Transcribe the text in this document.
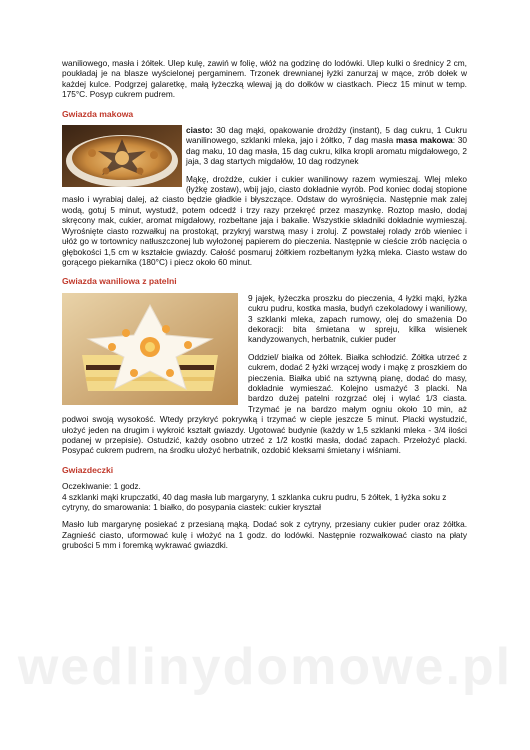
waniliowego, masła i żółtek. Ulep kulę, zawiń w folię, włóż na godzinę do lodówki. Ulep kulki o średnicy 2 cm, poukładaj je na blasze wyścielonej pergaminem. Trzonek drewnianej łyżki zanurzaj w mące, zrób dołek w każdej kulce. Podgrzej galaretkę, małą łyżeczką wlewaj ją do dołków w ciastkach. Piecz 15 minut w temp. 175°C. Posyp cukrem pudrem.

Gwiazda makowa

ciasto: 30 dag mąki, opakowanie drożdży (instant), 5 dag cukru, 1 Cukru wanilinowego, szklanki mleka, jajo i żółtko, 7 dag masła masa makowa: 30 dag maku, 10 dag masła, 15 dag cukru, kilka kropli aromatu migdałowego, 2 jaja, 3 dag startych migdałów, 10 dag rodzynek

Mąkę, drożdże, cukier i cukier wanilinowy razem wymieszaj. Wlej mleko (łyżkę zostaw), wbij jajo, ciasto dokładnie wyrób. Pod koniec dodaj stopione masło i wyrabiaj dalej, aż ciasto będzie gładkie i błyszczące. Odstaw do wyrośnięcia. Następnie mak zalej wodą, gotuj 5 minut, wystudź, potem odcedź i trzy razy przekręć przez maszynkę. Roztop masło, dodaj skręcony mak, cukier, aromat migdałowy, rozbełtane jaja i bakalie. Wszystkie składniki dokładnie wymieszaj. Wyrośnięte ciasto rozwałkuj na prostokąt, przykryj warstwą masy i zroluj. Z powstałej rolady zrób wieniec i ułóż go w tortownicy natłuszczonej lub wyłożonej papierem do pieczenia. Następnie w cieście zrób nacięcia o głębokości 1,5 cm w kształcie gwiazdy. Całość posmaruj żółtkiem rozbełtanym łyżką mleka. Ciasto wstaw do gorącego piekarnika (180°C) i piecz około 60 minut.

Gwiazda waniliowa z patelni

9 jajek, łyżeczka proszku do pieczenia, 4 łyżki mąki, łyżka cukru pudru, kostka masła, budyń czekoladowy i waniliowy, 3 szklanki mleka, zapach rumowy, olej do smażenia Do dekoracji: bita śmietana w spreju, kilka wisienek kandyzowanych, herbatnik, cukier puder

Oddziel/ białka od żółtek. Białka schłodzić. Żółtka utrzeć z cukrem, dodać 2 łyżki wrzącej wody i mąkę z proszkiem do pieczenia. Białka ubić na sztywną pianę, dodać do masy, dokładnie wymieszać. Kolejno usmażyć 3 placki. Na bardzo dużej patelni rozgrzać olej i wylać 1/3 ciasta. Trzymać je na bardzo małym ogniu około 10 min, aż podwoi swoją wysokość. Wtedy przykryć pokrywką i trzymać w cieple jeszcze 5 minut. Placki wystudzić, ułożyć jeden na drugim i wykroić kształt gwiazdy. Ugotować budynie (każdy w 1,5 szklanki mleka - 3/4 ilości podanej w przepisie). Ostudzić, każdy osobno utrzeć z 1/2 kostki masła, dodać zapach. Przełożyć placki. Posypać cukrem pudrem, na środku ułożyć herbatnik, ozdobić kleksami śmietany i wiśniami.

Gwiazdeczki

Oczekiwanie: 1 godz.

4 szklanki mąki krupczatki, 40 dag masła lub margaryny, 1 szklanka cukru pudru, 5 żółtek, 1 łyżka soku z cytryny, do smarowania: 1 białko, do posypania ciastek: cukier kryształ

Masło lub margarynę posiekać z przesianą mąką. Dodać sok z cytryny, przesiany cukier puder oraz żółtka. Zagnieść ciasto, uformować kulę i włożyć na 1 godz. do lodówki. Następnie rozwałkować ciasto na płaty grubości 5 mm i foremką wykrawać gwiazdki.

wedlinydomowe.pl
